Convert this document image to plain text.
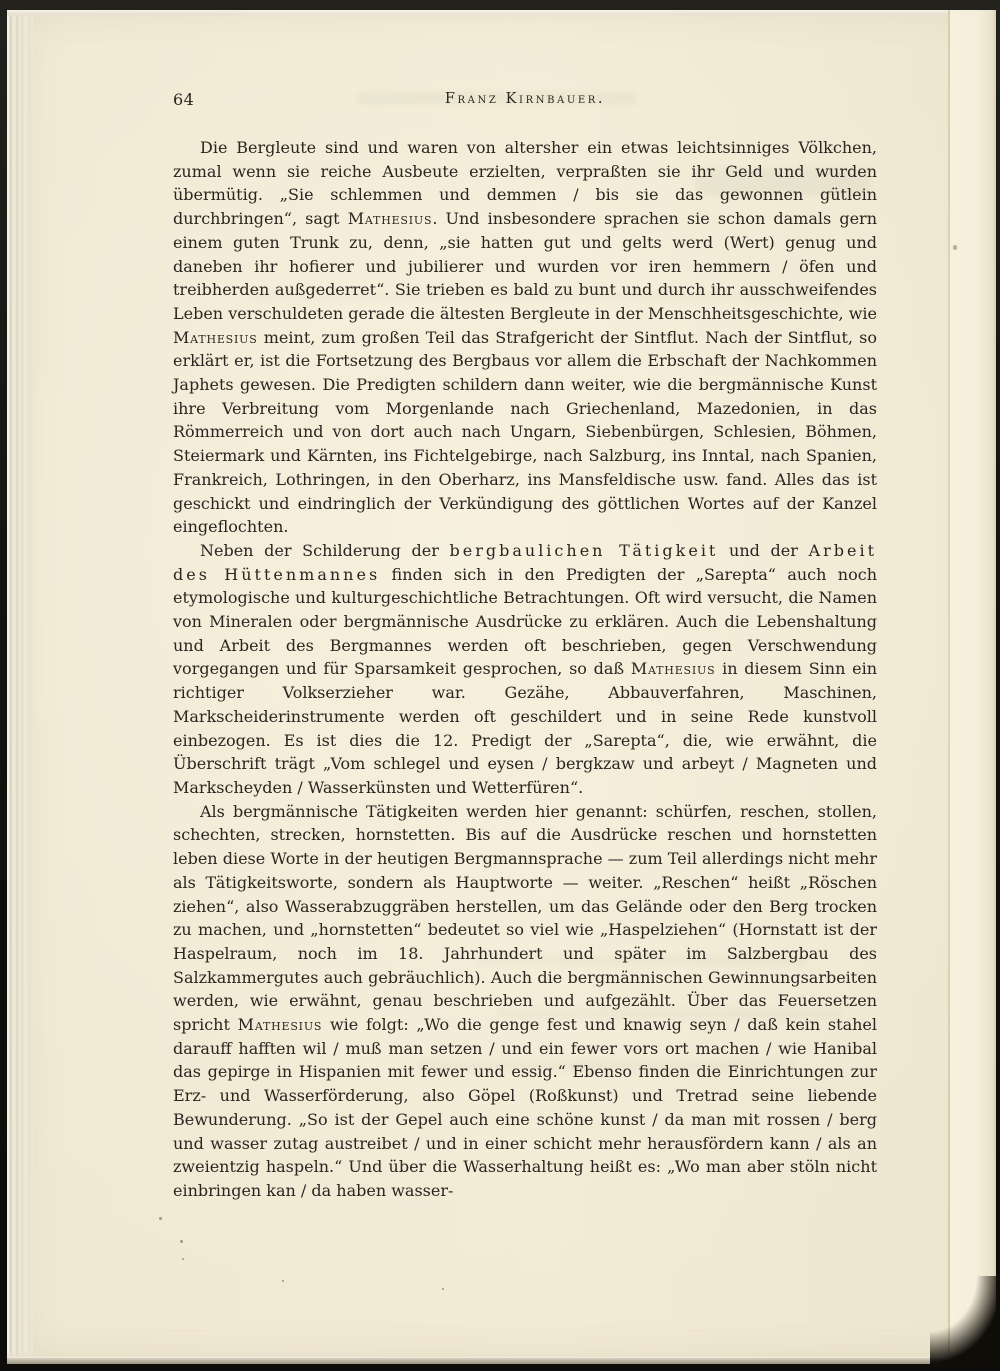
64	Franz Kirnbauer.

Die Bergleute sind und waren von altersher ein etwas leichtsinniges Völkchen, zumal wenn sie reiche Ausbeute erzielten, verpraßten sie ihr Geld und wurden übermütig. „Sie schlemmen und demmen / bis sie das gewonnen gütlein durchbringen“, sagt Mathesius. Und insbesondere sprachen sie schon damals gern einem guten Trunk zu, denn, „sie hatten gut und gelts werd (Wert) genug und daneben ihr hofierer und jubilierer und wurden vor iren hemmern / öfen und treibherden außgederret“. Sie trieben es bald zu bunt und durch ihr ausschweifendes Leben verschuldeten gerade die ältesten Bergleute in der Menschheitsgeschichte, wie Mathesius meint, zum großen Teil das Strafgericht der Sintflut. Nach der Sintflut, so erklärt er, ist die Fortsetzung des Bergbaus vor allem die Erbschaft der Nachkommen Japhets gewesen. Die Predigten schildern dann weiter, wie die bergmännische Kunst ihre Verbreitung vom Morgenlande nach Griechenland, Mazedonien, in das Römmerreich und von dort auch nach Ungarn, Siebenbürgen, Schlesien, Böhmen, Steiermark und Kärnten, ins Fichtelgebirge, nach Salzburg, ins Inntal, nach Spanien, Frankreich, Lothringen, in den Oberharz, ins Mansfeldische usw. fand. Alles das ist geschickt und eindringlich der Verkündigung des göttlichen Wortes auf der Kanzel eingeflochten.

Neben der Schilderung der bergbaulichen Tätigkeit und der Arbeit des Hüttenmannes finden sich in den Predigten der „Sarepta“ auch noch etymologische und kulturgeschichtliche Betrachtungen. Oft wird versucht, die Namen von Mineralen oder bergmännische Ausdrücke zu erklären. Auch die Lebenshaltung und Arbeit des Bergmannes werden oft beschrieben, gegen Verschwendung vorgegangen und für Sparsamkeit gesprochen, so daß Mathesius in diesem Sinn ein richtiger Volkserzieher war. Gezähe, Abbauverfahren, Maschinen, Markscheiderinstrumente werden oft geschildert und in seine Rede kunstvoll einbezogen. Es ist dies die 12. Predigt der „Sarepta“, die, wie erwähnt, die Überschrift trägt „Vom schlegel und eysen / bergkzaw und arbeyt / Magneten und Markscheyden / Wasserkünsten und Wetterfüren“.

Als bergmännische Tätigkeiten werden hier genannt: schürfen, reschen, stollen, schechten, strecken, hornstetten. Bis auf die Ausdrücke reschen und hornstetten leben diese Worte in der heutigen Bergmannsprache — zum Teil allerdings nicht mehr als Tätigkeitsworte, sondern als Hauptworte — weiter. „Reschen“ heißt „Röschen ziehen“, also Wasserabzuggräben herstellen, um das Gelände oder den Berg trocken zu machen, und „hornstetten“ bedeutet so viel wie „Haspelziehen“ (Hornstatt ist der Haspelraum, noch im 18. Jahrhundert und später im Salzbergbau des Salzkammergutes auch gebräuchlich). Auch die bergmännischen Gewinnungsarbeiten werden, wie erwähnt, genau beschrieben und aufgezählt. Über das Feuersetzen spricht Mathesius wie folgt: „Wo die genge fest und knawig seyn / daß kein stahel darauff hafften wil / muß man setzen / und ein fewer vors ort machen / wie Hanibal das gepirge in Hispanien mit fewer und essig.“ Ebenso finden die Einrichtungen zur Erz- und Wasserförderung, also Göpel (Roßkunst) und Tretrad seine liebende Bewunderung. „So ist der Gepel auch eine schöne kunst / da man mit rossen / berg und wasser zutag austreibet / und in einer schicht mehr herausfördern kann / als an zweientzig haspeln.“ Und über die Wasserhaltung heißt es: „Wo man aber stöln nicht einbringen kan / da haben wasser-
